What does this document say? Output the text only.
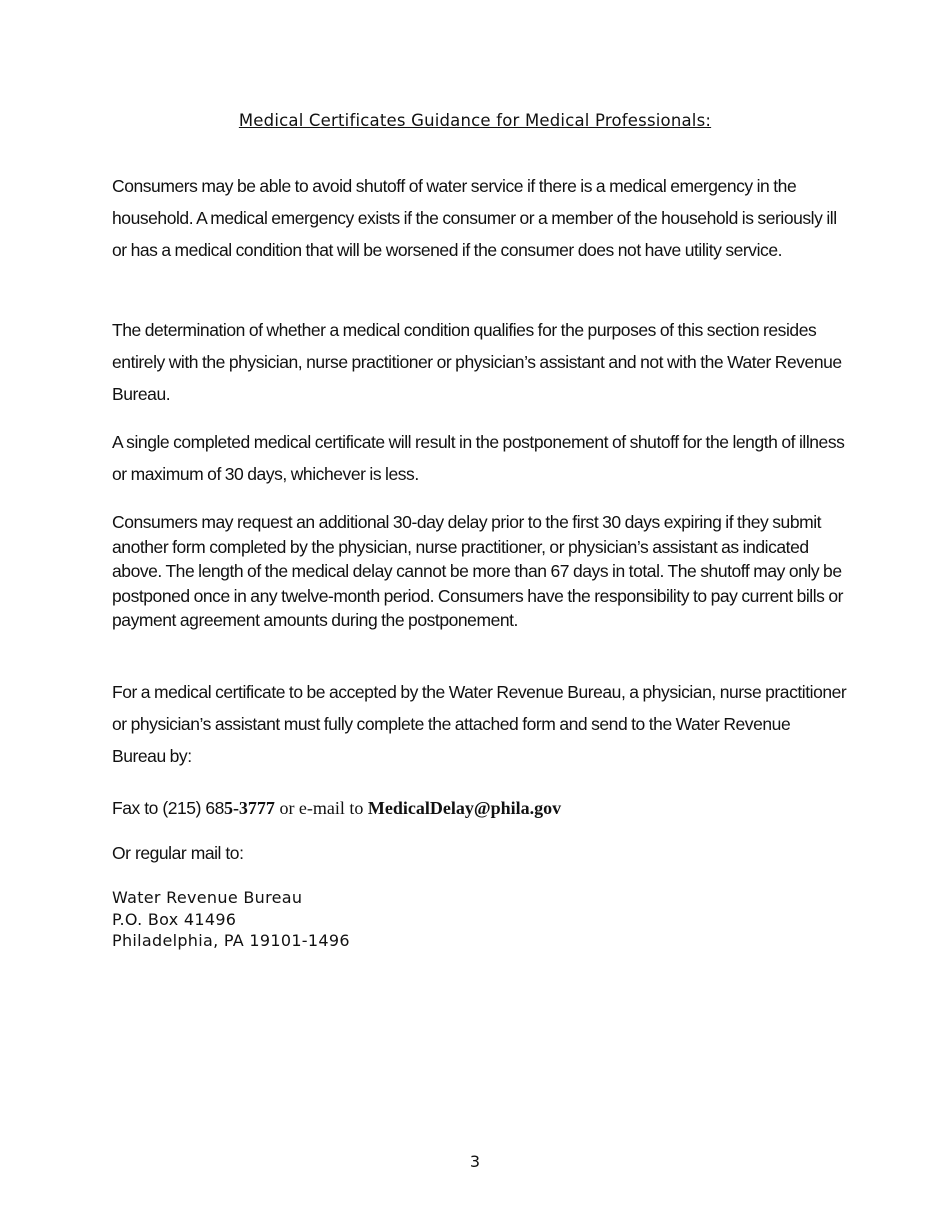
Medical Certificates Guidance for Medical Professionals:

Consumers may be able to avoid shutoff of water service if there is a medical emergency in the household. A medical emergency exists if the consumer or a member of the household is seriously ill or has a medical condition that will be worsened if the consumer does not have utility service.

The determination of whether a medical condition qualifies for the purposes of this section resides entirely with the physician, nurse practitioner or physician’s assistant and not with the Water Revenue Bureau.

A single completed medical certificate will result in the postponement of shutoff for the length of illness or maximum of 30 days, whichever is less.

Consumers may request an additional 30-day delay prior to the first 30 days expiring if they submit another form completed by the physician, nurse practitioner, or physician’s assistant as indicated above. The length of the medical delay cannot be more than 67 days in total. The shutoff may only be postponed once in any twelve-month period. Consumers have the responsibility to pay current bills or payment agreement amounts during the postponement.

For a medical certificate to be accepted by the Water Revenue Bureau, a physician, nurse practitioner or physician’s assistant must fully complete the attached form and send to the Water Revenue Bureau by:

Fax to (215) 685-3777 or e-mail to MedicalDelay@phila.gov

Or regular mail to:

Water Revenue Bureau
P.O. Box 41496
Philadelphia, PA 19101-1496

3
